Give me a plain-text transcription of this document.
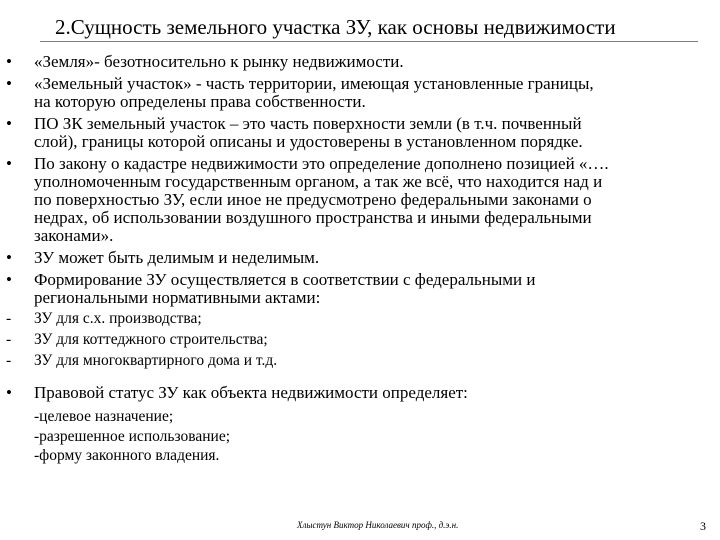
2.Сущность земельного участка ЗУ, как основы недвижимости
•	«Земля»- безотносительно к рынку недвижимости.
•	«Земельный участок» - часть территории, имеющая установленные границы,
на которую определены права собственности.
•	ПО ЗК земельный участок – это часть поверхности земли (в т.ч. почвенный
слой), границы которой описаны и удостоверены в установленном порядке.
•	По закону о кадастре недвижимости это определение дополнено позицией «….
уполномоченным государственным органом, а так же всё, что находится над и
по поверхностью ЗУ, если иное не предусмотрено федеральными законами о
недрах, об использовании воздушного пространства и иными федеральными
законами».
•	ЗУ может быть делимым и неделимым.
•	Формирование ЗУ осуществляется в соответствии с федеральными и
региональными нормативными актами:
-	ЗУ для с.х. производства;
-	ЗУ для коттеджного строительства;
-	ЗУ для многоквартирного дома и т.д.
•	Правовой статус ЗУ как объекта недвижимости определяет:
-целевое назначение;
-разрешенное использование;
-форму законного владения.
Хлыстун Виктор Николаевич проф., д.э.н.	3
